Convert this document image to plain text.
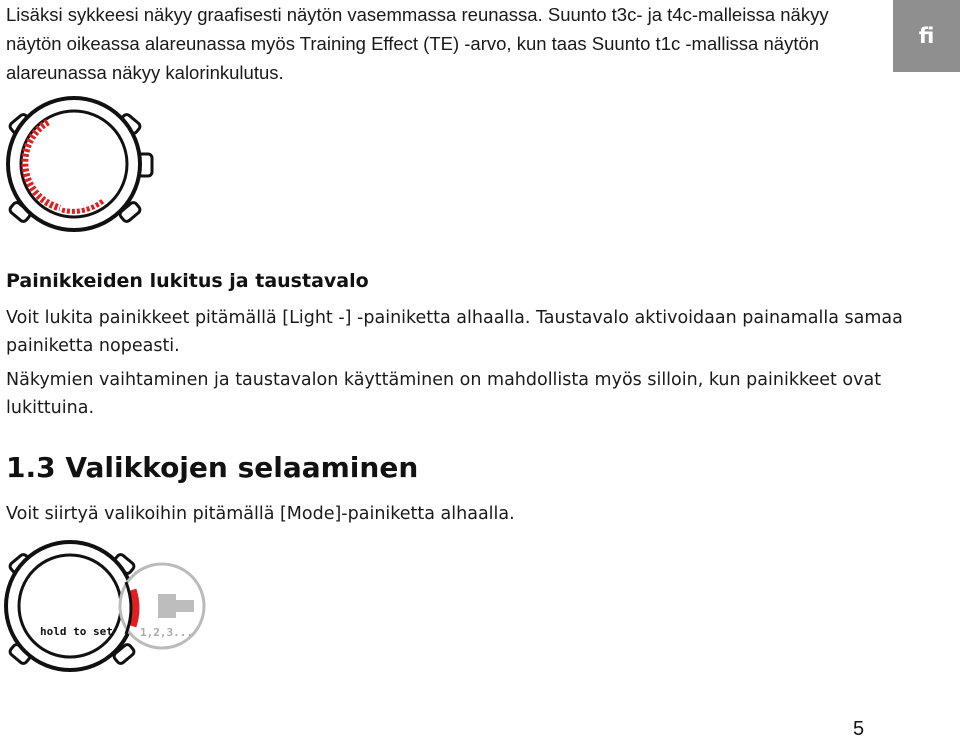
Lisäksi sykkeesi näkyy graafisesti näytön vasemmassa reunassa. Suunto t3c- ja t4c-malleissa näkyy näytön oikeassa alareunassa myös Training Effect (TE) -arvo, kun taas Suunto t1c -mallissa näytön alareunassa näkyy kalorinkulutus.

fi
Painikkeiden lukitus ja taustavalo

Voit lukita painikkeet pitämällä [Light -] -painiketta alhaalla. Taustavalo aktivoidaan painamalla samaa painiketta nopeasti.

Näkymien vaihtaminen ja taustavalon käyttäminen on mahdollista myös silloin, kun painikkeet ovat lukittuina.

1.3 Valikkojen selaaminen

Voit siirtyä valikoihin pitämällä [Mode]-painiketta alhaalla.

hold to set 1,2,3...
5
